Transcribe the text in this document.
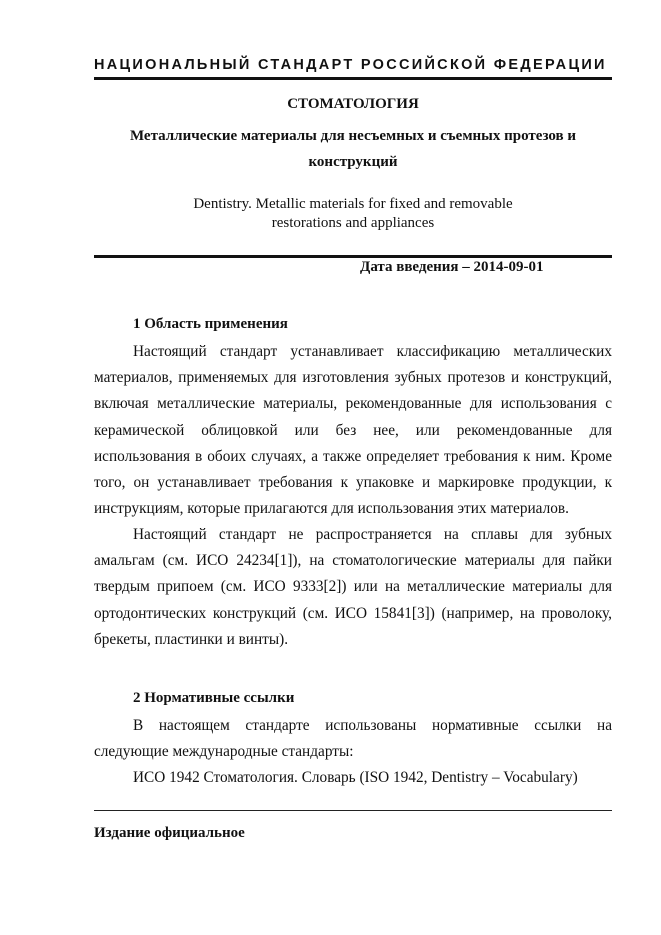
НАЦИОНАЛЬНЫЙ СТАНДАРТ РОССИЙСКОЙ ФЕДЕРАЦИИ
СТОМАТОЛОГИЯ
Металлические материалы для несъемных и съемных протезов и
конструкций
Dentistry. Metallic materials for fixed and removable
restorations and appliances
Дата введения – 2014-09-01
1 Область применения
Настоящий стандарт устанавливает классификацию металлических материалов, применяемых для изготовления зубных протезов и конструкций, включая металлические материалы, рекомендованные для использования с керамической облицовкой или без нее, или рекомендованные для использования в обоих случаях, а также определяет требования к ним. Кроме того, он устанавливает требования к упаковке и маркировке продукции, к инструкциям, которые прилагаются для использования этих материалов.
Настоящий стандарт не распространяется на сплавы для зубных амальгам (см. ИСО 24234[1]), на стоматологические материалы для пайки твердым припоем (см. ИСО 9333[2]) или на металлические материалы для ортодонтических конструкций (см. ИСО 15841[3]) (например, на проволоку, брекеты, пластинки и винты).
2 Нормативные ссылки
В настоящем стандарте использованы нормативные ссылки на следующие международные стандарты:
ИСО 1942 Стоматология. Словарь (ISO 1942, Dentistry – Vocabulary)
Издание официальное
